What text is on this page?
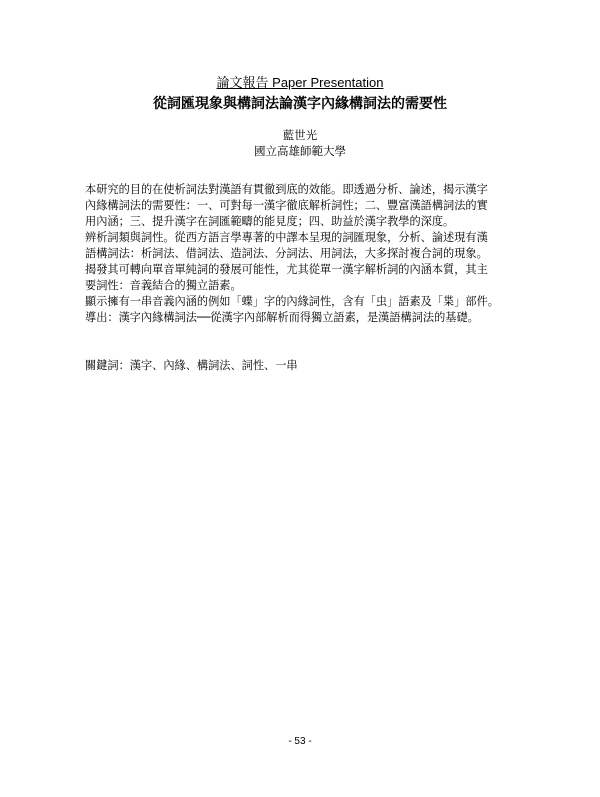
論文報告 Paper Presentation
從詞匯現象與構詞法論漢字內緣構詞法的需要性
藍世光
國立高雄師範大學

本研究的目的在使析詞法對漢語有貫徹到底的效能。即透過分析、論述，揭示漢字

內緣構詞法的需要性：一、可對每一漢字徹底解析詞性；二、豐富漢語構詞法的實

用內涵；三、提升漢字在詞匯範疇的能見度；四、助益於漢字教學的深度。

辨析詞類與詞性。從西方語言學專著的中譯本呈現的詞匯現象，分析、論述現有漢

語構詞法：析詞法、借詞法、造詞法、分詞法、用詞法，大多探討複合詞的現象。

揭發其可轉向單音單純詞的發展可能性，尤其從單一漢字解析詞的內涵本質，其主

要詞性：音義結合的獨立語素。

顯示擁有一串音義內涵的例如「蝶」字的內緣詞性，含有「虫」語素及「枼」部件。

導出：漢字內緣構詞法──從漢字內部解析而得獨立語素，是漢語構詞法的基礎。

關鍵詞：漢字、內緣、構詞法、詞性、一串
- 53 -
